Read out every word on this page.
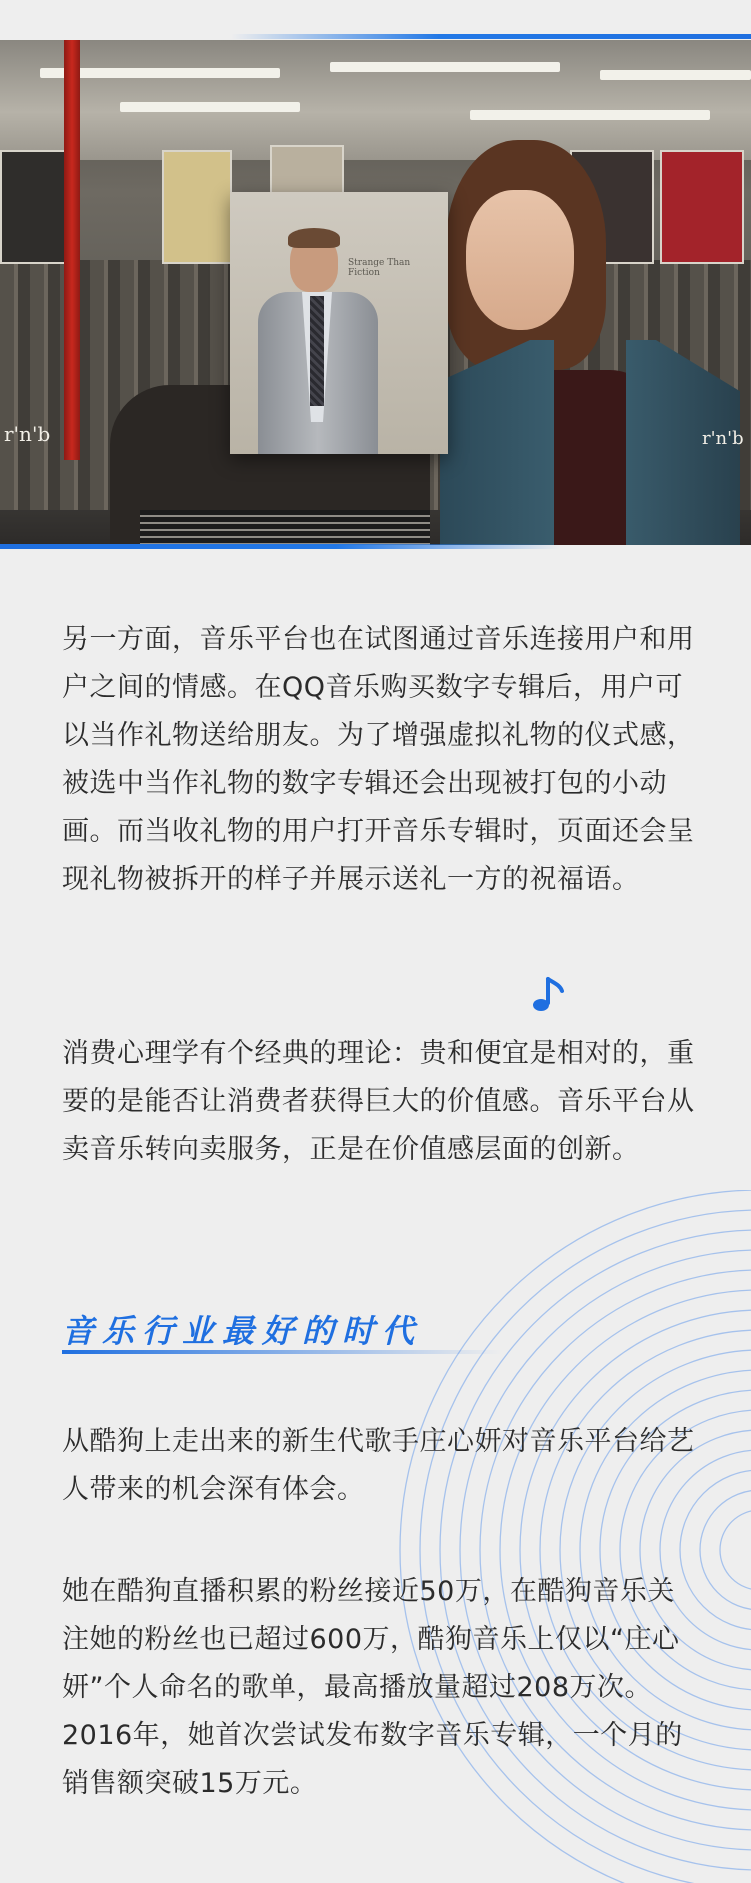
Strange Than Fiction
r'n'b	r'n'b

另一方面，音乐平台也在试图通过音乐连接用户和用户之间的情感。在QQ音乐购买数字专辑后，用户可以当作礼物送给朋友。为了增强虚拟礼物的仪式感，被选中当作礼物的数字专辑还会出现被打包的小动画。而当收礼物的用户打开音乐专辑时，页面还会呈现礼物被拆开的样子并展示送礼一方的祝福语。

消费心理学有个经典的理论：贵和便宜是相对的，重要的是能否让消费者获得巨大的价值感。音乐平台从卖音乐转向卖服务，正是在价值感层面的创新。

音乐行业最好的时代

从酷狗上走出来的新生代歌手庄心妍对音乐平台给艺人带来的机会深有体会。

她在酷狗直播积累的粉丝接近50万，在酷狗音乐关注她的粉丝也已超过600万，酷狗音乐上仅以“庄心妍”个人命名的歌单，最高播放量超过208万次。2016年，她首次尝试发布数字音乐专辑，一个月的销售额突破15万元。
